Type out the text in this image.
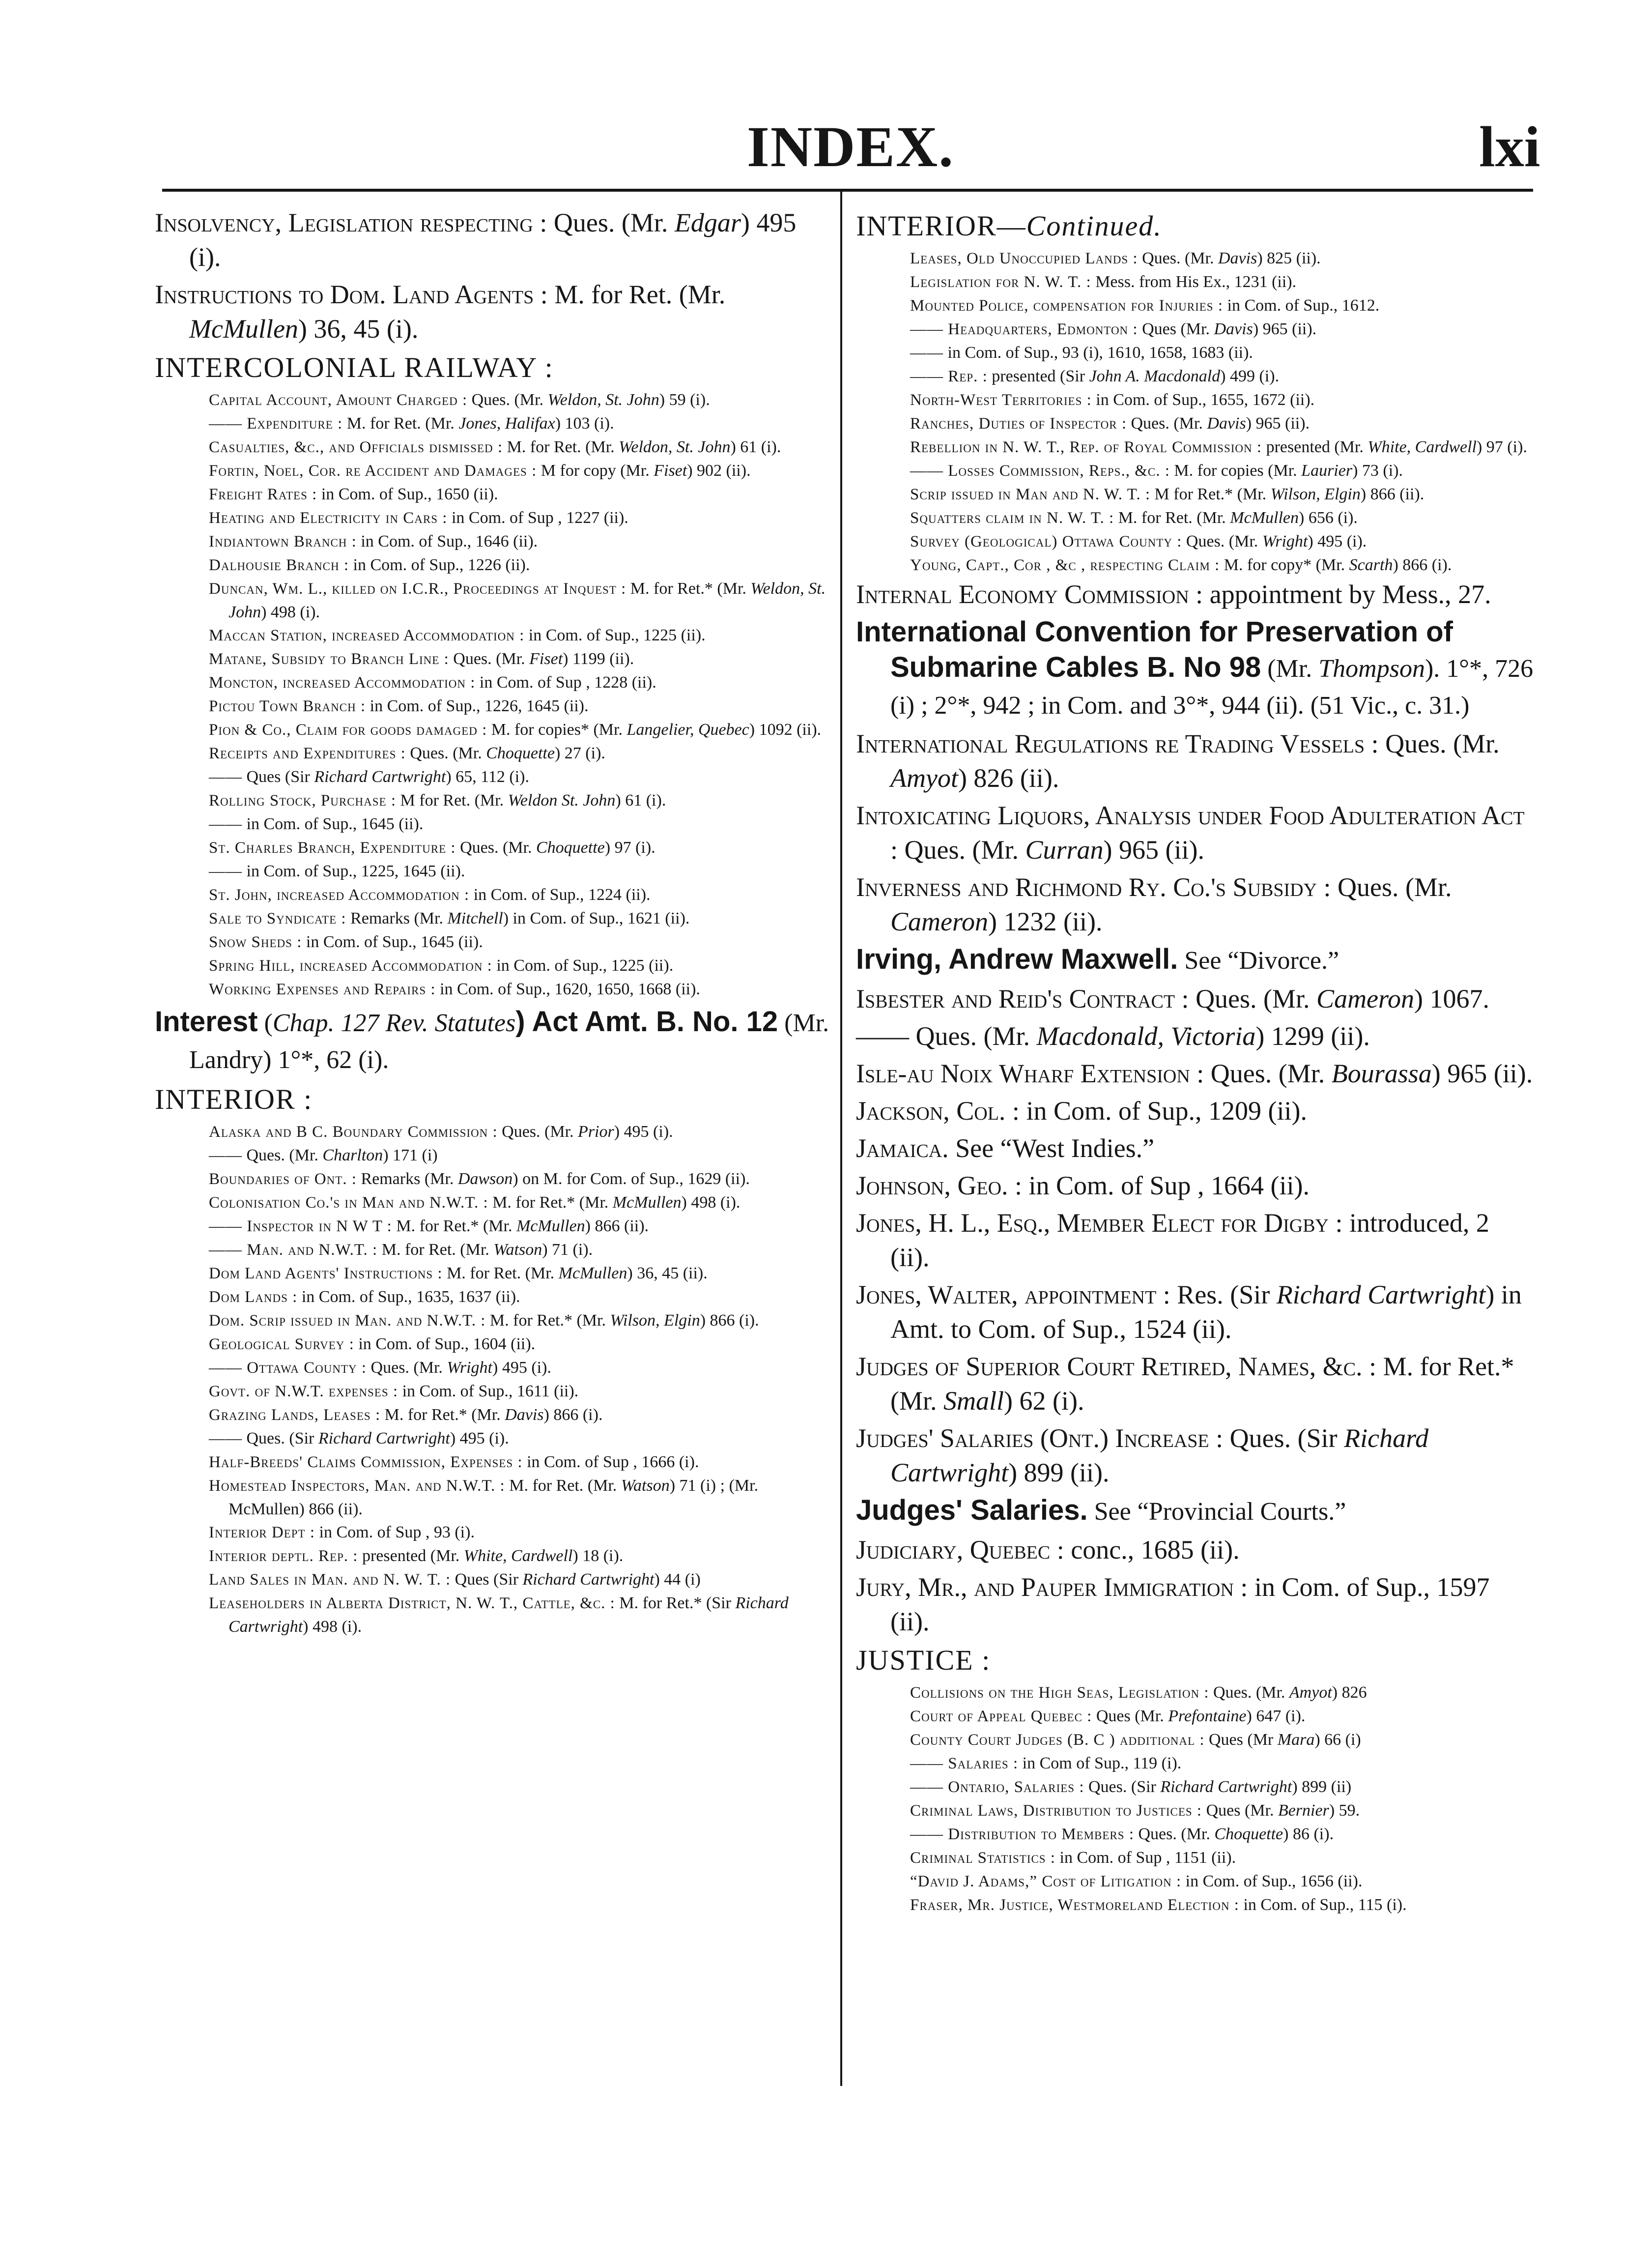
INDEX.	lxi

Insolvency, Legislation respecting : Ques. (Mr. Edgar) 495 (i).

Instructions to Dom. Land Agents : M. for Ret. (Mr. McMullen) 36, 45 (i).

INTERCOLONIAL RAILWAY :

Capital Account, Amount Charged : Ques. (Mr. Weldon, St. John) 59 (i).

—— Expenditure : M. for Ret. (Mr. Jones, Halifax) 103 (i).

Casualties, &c., and Officials dismissed : M. for Ret. (Mr. Weldon, St. John) 61 (i).

Fortin, Noel, Cor. re Accident and Damages : M for copy (Mr. Fiset) 902 (ii).

Freight Rates : in Com. of Sup., 1650 (ii).

Heating and Electricity in Cars : in Com. of Sup , 1227 (ii).

Indiantown Branch : in Com. of Sup., 1646 (ii).

Dalhousie Branch : in Com. of Sup., 1226 (ii).

Duncan, Wm. L., killed on I.C.R., Proceedings at Inquest : M. for Ret.* (Mr. Weldon, St. John) 498 (i).

Maccan Station, increased Accommodation : in Com. of Sup., 1225 (ii).

Matane, Subsidy to Branch Line : Ques. (Mr. Fiset) 1199 (ii).

Moncton, increased Accommodation : in Com. of Sup , 1228 (ii).

Pictou Town Branch : in Com. of Sup., 1226, 1645 (ii).

Pion & Co., Claim for goods damaged : M. for copies* (Mr. Langelier, Quebec) 1092 (ii).

Receipts and Expenditures : Ques. (Mr. Choquette) 27 (i).

—— Ques (Sir Richard Cartwright) 65, 112 (i).

Rolling Stock, Purchase : M for Ret. (Mr. Weldon St. John) 61 (i).

—— in Com. of Sup., 1645 (ii).

St. Charles Branch, Expenditure : Ques. (Mr. Choquette) 97 (i).

—— in Com. of Sup., 1225, 1645 (ii).

St. John, increased Accommodation : in Com. of Sup., 1224 (ii).

Sale to Syndicate : Remarks (Mr. Mitchell) in Com. of Sup., 1621 (ii).

Snow Sheds : in Com. of Sup., 1645 (ii).

Spring Hill, increased Accommodation : in Com. of Sup., 1225 (ii).

Working Expenses and Repairs : in Com. of Sup., 1620, 1650, 1668 (ii).

Interest (Chap. 127 Rev. Statutes) Act Amt. B. No. 12 (Mr. Landry) 1°*, 62 (i).

INTERIOR :

Alaska and B C. Boundary Commission : Ques. (Mr. Prior) 495 (i).

—— Ques. (Mr. Charlton) 171 (i)

Boundaries of Ont. : Remarks (Mr. Dawson) on M. for Com. of Sup., 1629 (ii).

Colonisation Co.'s in Man and N.W.T. : M. for Ret.* (Mr. McMullen) 498 (i).

—— Inspector in N W T : M. for Ret.* (Mr. McMullen) 866 (ii).

—— Man. and N.W.T. : M. for Ret. (Mr. Watson) 71 (i).

Dom Land Agents' Instructions : M. for Ret. (Mr. McMullen) 36, 45 (ii).

Dom Lands : in Com. of Sup., 1635, 1637 (ii).

Dom. Scrip issued in Man. and N.W.T. : M. for Ret.* (Mr. Wilson, Elgin) 866 (i).

Geological Survey : in Com. of Sup., 1604 (ii).

—— Ottawa County : Ques. (Mr. Wright) 495 (i).

Govt. of N.W.T. expenses : in Com. of Sup., 1611 (ii).

Grazing Lands, Leases : M. for Ret.* (Mr. Davis) 866 (i).

—— Ques. (Sir Richard Cartwright) 495 (i).

Half-Breeds' Claims Commission, Expenses : in Com. of Sup , 1666 (i).

Homestead Inspectors, Man. and N.W.T. : M. for Ret. (Mr. Watson) 71 (i) ; (Mr. McMullen) 866 (ii).

Interior Dept : in Com. of Sup , 93 (i).

Interior deptl. Rep. : presented (Mr. White, Cardwell) 18 (i).

Land Sales in Man. and N. W. T. : Ques (Sir Richard Cartwright) 44 (i)

Leaseholders in Alberta District, N. W. T., Cattle, &c. : M. for Ret.* (Sir Richard Cartwright) 498 (i).

INTERIOR—Continued.

Leases, Old Unoccupied Lands : Ques. (Mr. Davis) 825 (ii).

Legislation for N. W. T. : Mess. from His Ex., 1231 (ii).

Mounted Police, compensation for Injuries : in Com. of Sup., 1612.

—— Headquarters, Edmonton : Ques (Mr. Davis) 965 (ii).

—— in Com. of Sup., 93 (i), 1610, 1658, 1683 (ii).

—— Rep. : presented (Sir John A. Macdonald) 499 (i).

North-West Territories : in Com. of Sup., 1655, 1672 (ii).

Ranches, Duties of Inspector : Ques. (Mr. Davis) 965 (ii).

Rebellion in N. W. T., Rep. of Royal Commission : presented (Mr. White, Cardwell) 97 (i).

—— Losses Commission, Reps., &c. : M. for copies (Mr. Laurier) 73 (i).

Scrip issued in Man and N. W. T. : M for Ret.* (Mr. Wilson, Elgin) 866 (ii).

Squatters claim in N. W. T. : M. for Ret. (Mr. McMullen) 656 (i).

Survey (Geological) Ottawa County : Ques. (Mr. Wright) 495 (i).

Young, Capt., Cor , &c , respecting Claim : M. for copy* (Mr. Scarth) 866 (i).

Internal Economy Commission : appointment by Mess., 27.

International Convention for Preservation of Submarine Cables B. No 98 (Mr. Thompson). 1°*, 726 (i) ; 2°*, 942 ; in Com. and 3°*, 944 (ii). (51 Vic., c. 31.)

International Regulations re Trading Vessels : Ques. (Mr. Amyot) 826 (ii).

Intoxicating Liquors, Analysis under Food Adulteration Act : Ques. (Mr. Curran) 965 (ii).

Inverness and Richmond Ry. Co.'s Subsidy : Ques. (Mr. Cameron) 1232 (ii).

Irving, Andrew Maxwell. See “Divorce.”

Isbester and Reid's Contract : Ques. (Mr. Cameron) 1067.

—— Ques. (Mr. Macdonald, Victoria) 1299 (ii).

Isle-au Noix Wharf Extension : Ques. (Mr. Bourassa) 965 (ii).

Jackson, Col. : in Com. of Sup., 1209 (ii).

Jamaica. See “West Indies.”

Johnson, Geo. : in Com. of Sup , 1664 (ii).

Jones, H. L., Esq., Member Elect for Digby : introduced, 2 (ii).

Jones, Walter, appointment : Res. (Sir Richard Cartwright) in Amt. to Com. of Sup., 1524 (ii).

Judges of Superior Court Retired, Names, &c. : M. for Ret.* (Mr. Small) 62 (i).

Judges' Salaries (Ont.) Increase : Ques. (Sir Richard Cartwright) 899 (ii).

Judges' Salaries. See “Provincial Courts.”

Judiciary, Quebec : conc., 1685 (ii).

Jury, Mr., and Pauper Immigration : in Com. of Sup., 1597 (ii).

JUSTICE :

Collisions on the High Seas, Legislation : Ques. (Mr. Amyot) 826

Court of Appeal Quebec : Ques (Mr. Prefontaine) 647 (i).

County Court Judges (B. C ) additional : Ques (Mr Mara) 66 (i)

—— Salaries : in Com of Sup., 119 (i).

—— Ontario, Salaries : Ques. (Sir Richard Cartwright) 899 (ii)

Criminal Laws, Distribution to Justices : Ques (Mr. Bernier) 59.

—— Distribution to Members : Ques. (Mr. Choquette) 86 (i).

Criminal Statistics : in Com. of Sup , 1151 (ii).

“David J. Adams,” Cost of Litigation : in Com. of Sup., 1656 (ii).

Fraser, Mr. Justice, Westmoreland Election : in Com. of Sup., 115 (i).
